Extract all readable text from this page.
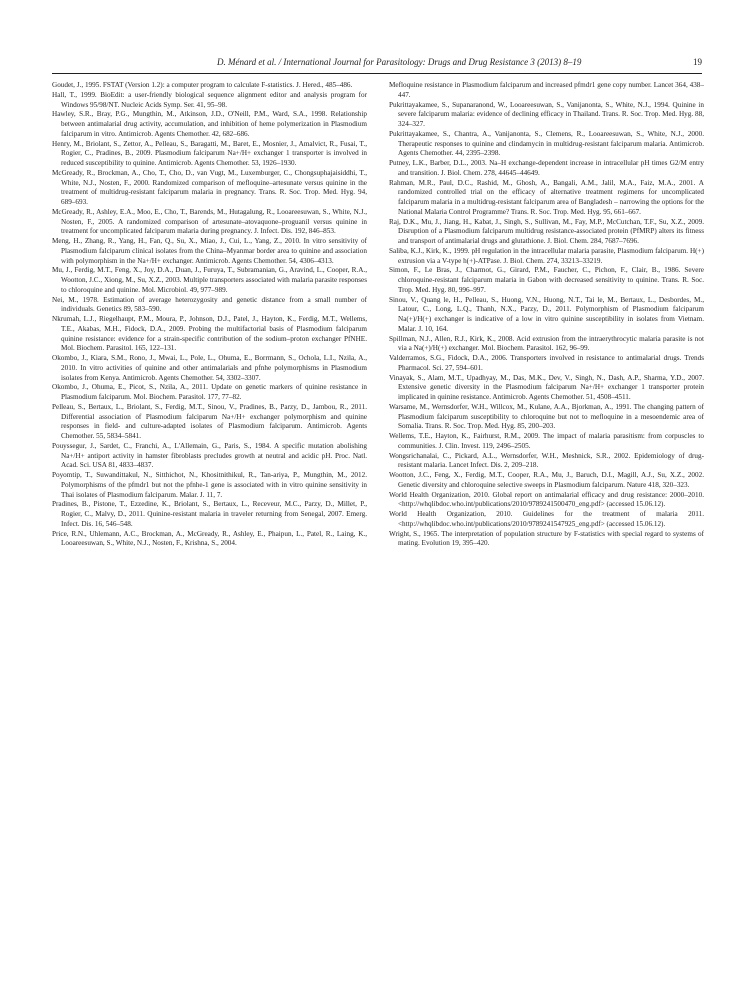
D. Ménard et al. / International Journal for Parasitology: Drugs and Drug Resistance 3 (2013) 8–19	19

Goudet, J., 1995. FSTAT (Version 1.2): a computer program to calculate F-statistics. J. Hered., 485–486.

Hall, T., 1999. BioEdit: a user-friendly biological sequence alignment editor and analysis program for Windows 95/98/NT. Nucleic Acids Symp. Ser. 41, 95–98.

Hawley, S.R., Bray, P.G., Mungthin, M., Atkinson, J.D., O'Neill, P.M., Ward, S.A., 1998. Relationship between antimalarial drug activity, accumulation, and inhibition of heme polymerization in Plasmodium falciparum in vitro. Antimicrob. Agents Chemother. 42, 682–686.

Henry, M., Briolant, S., Zettor, A., Pelleau, S., Baragatti, M., Baret, E., Mosnier, J., Amalvict, R., Fusai, T., Rogier, C., Pradines, B., 2009. Plasmodium falciparum Na+/H+ exchanger 1 transporter is involved in reduced susceptibility to quinine. Antimicrob. Agents Chemother. 53, 1926–1930.

McGready, R., Brockman, A., Cho, T., Cho, D., van Vugt, M., Luxemburger, C., Chongsuphajaisiddhi, T., White, N.J., Nosten, F., 2000. Randomized comparison of mefloquine–artesunate versus quinine in the treatment of multidrug-resistant falciparum malaria in pregnancy. Trans. R. Soc. Trop. Med. Hyg. 94, 689–693.

McGready, R., Ashley, E.A., Moo, E., Cho, T., Barends, M., Hutagalung, R., Looareesuwan, S., White, N.J., Nosten, F., 2005. A randomized comparison of artesunate–atovaquone–proguanil versus quinine in treatment for uncomplicated falciparum malaria during pregnancy. J. Infect. Dis. 192, 846–853.

Meng, H., Zhang, R., Yang, H., Fan, Q., Su, X., Miao, J., Cui, L., Yang, Z., 2010. In vitro sensitivity of Plasmodium falciparum clinical isolates from the China–Myanmar border area to quinine and association with polymorphism in the Na+/H+ exchanger. Antimicrob. Agents Chemother. 54, 4306–4313.

Mu, J., Ferdig, M.T., Feng, X., Joy, D.A., Duan, J., Furuya, T., Subramanian, G., Aravind, L., Cooper, R.A., Wootton, J.C., Xiong, M., Su, X.Z., 2003. Multiple transporters associated with malaria parasite responses to chloroquine and quinine. Mol. Microbiol. 49, 977–989.

Nei, M., 1978. Estimation of average heterozygosity and genetic distance from a small number of individuals. Genetics 89, 583–590.

Nkrumah, L.J., Riegelhaupt, P.M., Moura, P., Johnson, D.J., Patel, J., Hayton, K., Ferdig, M.T., Wellems, T.E., Akabas, M.H., Fidock, D.A., 2009. Probing the multifactorial basis of Plasmodium falciparum quinine resistance: evidence for a strain-specific contribution of the sodium–proton exchanger PfNHE. Mol. Biochem. Parasitol. 165, 122–131.

Okombo, J., Kiara, S.M., Rono, J., Mwai, L., Pole, L., Ohuma, E., Borrmann, S., Ochola, L.I., Nzila, A., 2010. In vitro activities of quinine and other antimalarials and pfnhe polymorphisms in Plasmodium isolates from Kenya. Antimicrob. Agents Chemother. 54, 3302–3307.

Okombo, J., Ohuma, E., Picot, S., Nzila, A., 2011. Update on genetic markers of quinine resistance in Plasmodium falciparum. Mol. Biochem. Parasitol. 177, 77–82.

Pelleau, S., Bertaux, L., Briolant, S., Ferdig, M.T., Sinou, V., Pradines, B., Parzy, D., Jambou, R., 2011. Differential association of Plasmodium falciparum Na+/H+ exchanger polymorphism and quinine responses in field- and culture-adapted isolates of Plasmodium falciparum. Antimicrob. Agents Chemother. 55, 5834–5841.

Pouyssegur, J., Sardet, C., Franchi, A., L'Allemain, G., Paris, S., 1984. A specific mutation abolishing Na+/H+ antiport activity in hamster fibroblasts precludes growth at neutral and acidic pH. Proc. Natl. Acad. Sci. USA 81, 4833–4837.

Poyomtip, T., Suwandittakul, N., Sitthichot, N., Khositnithikul, R., Tan-ariya, P., Mungthin, M., 2012. Polymorphisms of the pfmdr1 but not the pfnhe-1 gene is associated with in vitro quinine sensitivity in Thai isolates of Plasmodium falciparum. Malar. J. 11, 7.

Pradines, B., Pistone, T., Ezzedine, K., Briolant, S., Bertaux, L., Receveur, M.C., Parzy, D., Millet, P., Rogier, C., Malvy, D., 2011. Quinine-resistant malaria in traveler returning from Senegal, 2007. Emerg. Infect. Dis. 16, 546–548.

Price, R.N., Uhlemann, A.C., Brockman, A., McGready, R., Ashley, E., Phaipun, L., Patel, R., Laing, K., Looareesuwan, S., White, N.J., Nosten, F., Krishna, S., 2004.

Mefloquine resistance in Plasmodium falciparum and increased pfmdr1 gene copy number. Lancet 364, 438–447.

Pukrittayakamee, S., Supanaranond, W., Looareesuwan, S., Vanijanonta, S., White, N.J., 1994. Quinine in severe falciparum malaria: evidence of declining efficacy in Thailand. Trans. R. Soc. Trop. Med. Hyg. 88, 324–327.

Pukrittayakamee, S., Chantra, A., Vanijanonta, S., Clemens, R., Looareesuwan, S., White, N.J., 2000. Therapeutic responses to quinine and clindamycin in multidrug-resistant falciparum malaria. Antimicrob. Agents Chemother. 44, 2395–2398.

Putney, L.K., Barber, D.L., 2003. Na–H exchange-dependent increase in intracellular pH times G2/M entry and transition. J. Biol. Chem. 278, 44645–44649.

Rahman, M.R., Paul, D.C., Rashid, M., Ghosh, A., Bangali, A.M., Jalil, M.A., Faiz, M.A., 2001. A randomized controlled trial on the efficacy of alternative treatment regimens for uncomplicated falciparum malaria in a multidrug-resistant falciparum area of Bangladesh – narrowing the options for the National Malaria Control Programme? Trans. R. Soc. Trop. Med. Hyg. 95, 661–667.

Raj, D.K., Mu, J., Jiang, H., Kabat, J., Singh, S., Sullivan, M., Fay, M.P., McCutchan, T.F., Su, X.Z., 2009. Disruption of a Plasmodium falciparum multidrug resistance-associated protein (PfMRP) alters its fitness and transport of antimalarial drugs and glutathione. J. Biol. Chem. 284, 7687–7696.

Saliba, K.J., Kirk, K., 1999. pH regulation in the intracellular malaria parasite, Plasmodium falciparum. H(+) extrusion via a V-type h(+)-ATPase. J. Biol. Chem. 274, 33213–33219.

Simon, F., Le Bras, J., Charmot, G., Girard, P.M., Faucher, C., Pichon, F., Clair, B., 1986. Severe chloroquine-resistant falciparum malaria in Gabon with decreased sensitivity to quinine. Trans. R. Soc. Trop. Med. Hyg. 80, 996–997.

Sinou, V., Quang le, H., Pelleau, S., Huong, V.N., Huong, N.T., Tai le, M., Bertaux, L., Desbordes, M., Latour, C., Long, L.Q., Thanh, N.X., Parzy, D., 2011. Polymorphism of Plasmodium falciparum Na(+)/H(+) exchanger is indicative of a low in vitro quinine susceptibility in isolates from Vietnam. Malar. J. 10, 164.

Spillman, N.J., Allen, R.J., Kirk, K., 2008. Acid extrusion from the intraerythrocytic malaria parasite is not via a Na(+)/H(+) exchanger. Mol. Biochem. Parasitol. 162, 96–99.

Valderramos, S.G., Fidock, D.A., 2006. Transporters involved in resistance to antimalarial drugs. Trends Pharmacol. Sci. 27, 594–601.

Vinayak, S., Alam, M.T., Upadhyay, M., Das, M.K., Dev, V., Singh, N., Dash, A.P., Sharma, Y.D., 2007. Extensive genetic diversity in the Plasmodium falciparum Na+/H+ exchanger 1 transporter protein implicated in quinine resistance. Antimicrob. Agents Chemother. 51, 4508–4511.

Warsame, M., Wernsdorfer, W.H., Willcox, M., Kulane, A.A., Bjorkman, A., 1991. The changing pattern of Plasmodium falciparum susceptibility to chloroquine but not to mefloquine in a mesoendemic area of Somalia. Trans. R. Soc. Trop. Med. Hyg. 85, 200–203.

Wellems, T.E., Hayton, K., Fairhurst, R.M., 2009. The impact of malaria parasitism: from corpuscles to communities. J. Clin. Invest. 119, 2496–2505.

Wongsrichanalai, C., Pickard, A.L., Wernsdorfer, W.H., Meshnick, S.R., 2002. Epidemiology of drug-resistant malaria. Lancet Infect. Dis. 2, 209–218.

Wootton, J.C., Feng, X., Ferdig, M.T., Cooper, R.A., Mu, J., Baruch, D.I., Magill, A.J., Su, X.Z., 2002. Genetic diversity and chloroquine selective sweeps in Plasmodium falciparum. Nature 418, 320–323.

World Health Organization, 2010. Global report on antimalarial efficacy and drug resistance: 2000–2010. <http://whqlibdoc.who.int/publications/2010/9789241500470_eng.pdf> (accessed 15.06.12).

World Health Organization, 2010. Guidelines for the treatment of malaria 2011. <http://whqlibdoc.who.int/publications/2010/9789241547925_eng.pdf> (accessed 15.06.12).

Wright, S., 1965. The interpretation of population structure by F-statistics with special regard to systems of mating. Evolution 19, 395–420.
